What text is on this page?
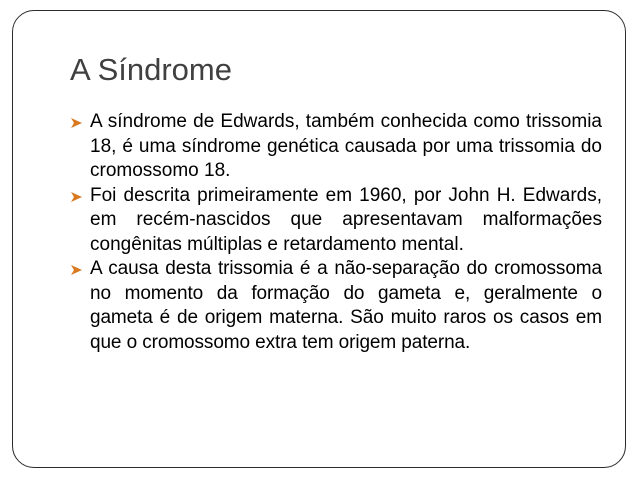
A Síndrome
A síndrome de Edwards, também conhecida como trissomia 18, é uma síndrome genética causada por uma trissomia do cromossomo 18.
Foi descrita primeiramente em 1960, por John H. Edwards, em recém-nascidos que apresentavam malformações congênitas múltiplas e retardamento mental.
A causa desta trissomia é a não-separação do cromossoma no momento da formação do gameta e, geralmente o gameta é de origem materna. São muito raros os casos em que o cromossomo extra tem origem paterna.
